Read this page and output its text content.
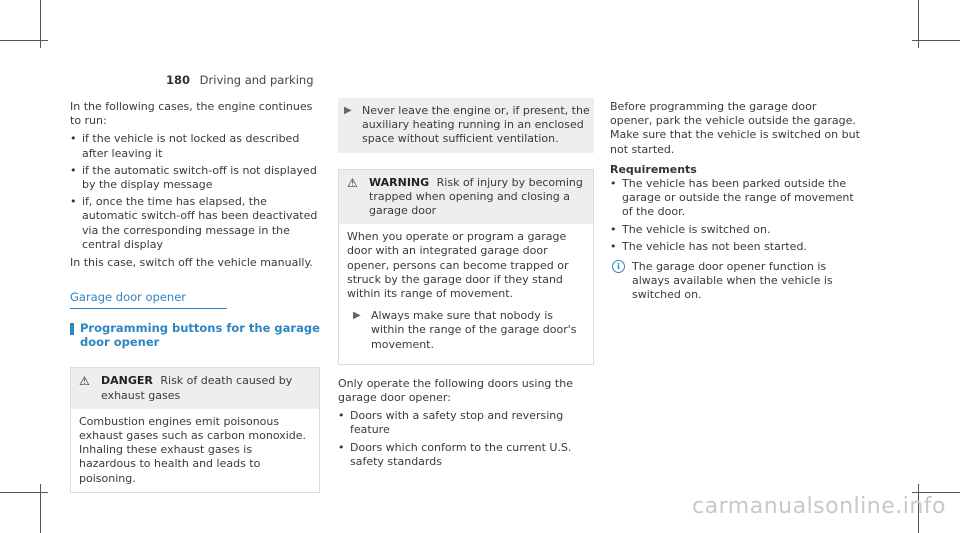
180 Driving and parking

In the following cases, the engine continues to run:

• if the vehicle is not locked as described after leaving it
• if the automatic switch-off is not displayed by the display message
• if, once the time has elapsed, the automatic switch-off has been deactivated via the corresponding message in the central display

In this case, switch off the vehicle manually.

Garage door opener
Programming buttons for the garage door opener
⚠ DANGER Risk of death caused by exhaust gases
Combustion engines emit poisonous exhaust gases such as carbon monoxide. Inhaling these exhaust gases is hazardous to health and leads to poisoning.
▶ Never leave the engine or, if present, the auxiliary heating running in an enclosed space without sufficient ventilation.
⚠ WARNING Risk of injury by becoming trapped when opening and closing a garage door
When you operate or program a garage door with an integrated garage door opener, persons can become trapped or struck by the garage door if they stand within its range of movement.
▶ Always make sure that nobody is within the range of the garage door's movement.

Only operate the following doors using the garage door opener:

• Doors with a safety stop and reversing feature
• Doors which conform to the current U.S. safety standards

Before programming the garage door opener, park the vehicle outside the garage. Make sure that the vehicle is switched on but not started.

Requirements
• The vehicle has been parked outside the garage or outside the range of movement of the door.
• The vehicle is switched on.
• The vehicle has not been started.
i	The garage door opener function is always available when the vehicle is switched on.
carmanualsonline.info
